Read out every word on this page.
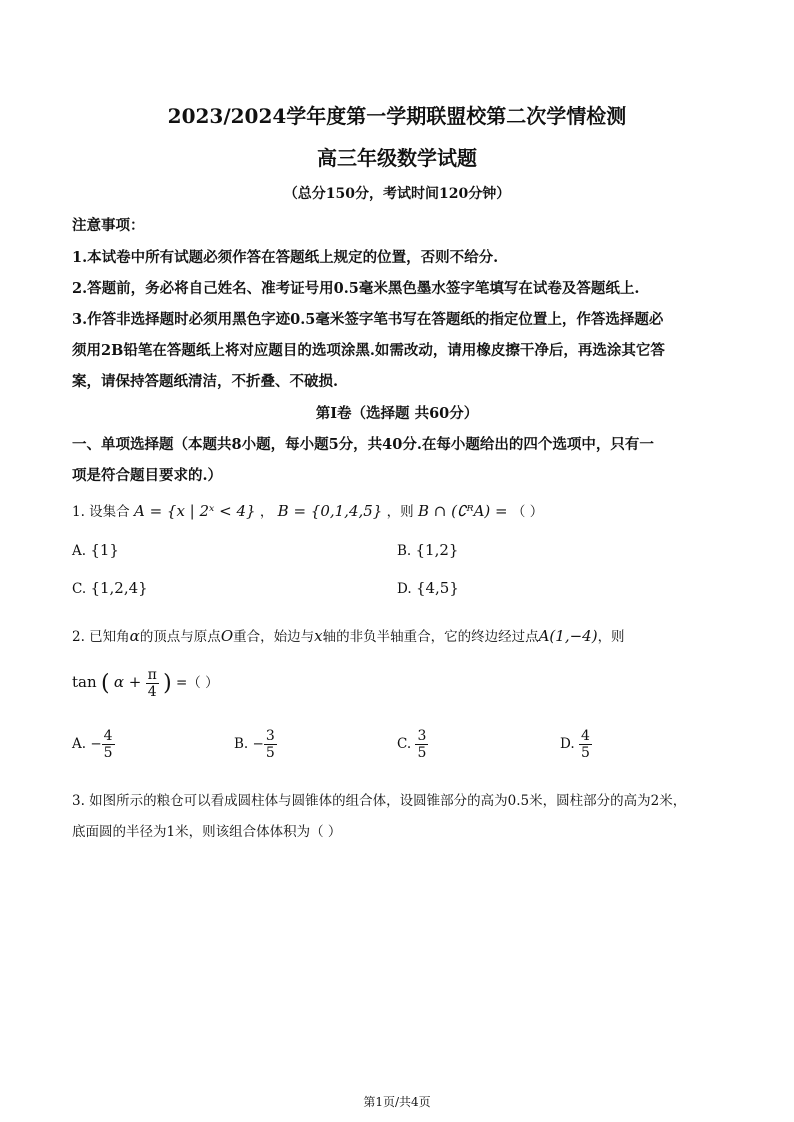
2023/2024学年度第一学期联盟校第二次学情检测
高三年级数学试题
（总分150分，考试时间120分钟）
注意事项：
1.本试卷中所有试题必须作答在答题纸上规定的位置，否则不给分.
2.答题前，务必将自己姓名、准考证号用0.5毫米黑色墨水签字笔填写在试卷及答题纸上.
3.作答非选择题时必须用黑色字迹0.5毫米签字笔书写在答题纸的指定位置上，作答选择题必
须用2B铅笔在答题纸上将对应题目的选项涂黑.如需改动，请用橡皮擦干净后，再选涂其它答
案，请保持答题纸清洁，不折叠、不破损.
第Ⅰ卷（选择题 共60分）
一、单项选择题（本题共8小题，每小题5分，共40分.在每小题给出的四个选项中，只有一
项是符合题目要求的.）
1. 设集合 A = {x | 2ˣ < 4} ， B = {0,1,4,5} ，则 B ∩ (∁ᴿA) = （ ）
A. {1}	B. {1,2}
C. {1,2,4}	D. {4,5}
2. 已知角α的顶点与原点O重合，始边与x轴的非负半轴重合，它的终边经过点A(1,−4)，则
tan ( $\alpha + \frac{\pi}{4}$ ) =（ ）
A. − $\frac{4}{5}$	B. − $\frac{3}{5}$	C. $\frac{3}{5}$	D. $\frac{4}{5}$
3. 如图所示的粮仓可以看成圆柱体与圆锥体的组合体，设圆锥部分的高为0.5米，圆柱部分的高为2米，
底面圆的半径为1米，则该组合体体积为（ ）
第1页/共4页
